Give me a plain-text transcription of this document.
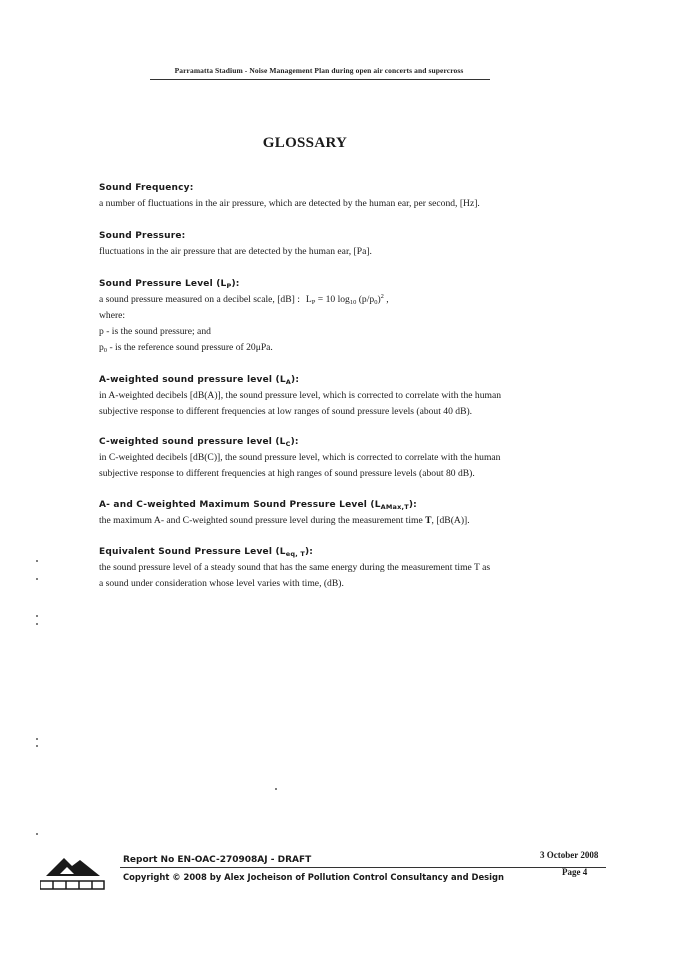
Parramatta Stadium - Noise Management Plan during open air concerts and supercross
GLOSSARY
Sound Frequency:
a number of fluctuations in the air pressure, which are detected by the human ear, per second, [Hz].
Sound Pressure:
fluctuations in the air pressure that are detected by the human ear, [Pa].
Sound Pressure Level $(L_P)$:
a sound pressure measured on a decibel scale, [dB] : $L_P = 10$ $\log_{10} (p/p_0)^2$ ,
where:
p - is the sound pressure; and
$p_0$ - is the reference sound pressure of 20μPa.
A-weighted sound pressure level $(L_A)$:
in A-weighted decibels [dB(A)], the sound pressure level, which is corrected to correlate with the human
subjective response to different frequencies at low ranges of sound pressure levels (about 40 dB).
C-weighted sound pressure level $(L_C)$:
in C-weighted decibels [dB(C)], the sound pressure level, which is corrected to correlate with the human
subjective response to different frequencies at high ranges of sound pressure levels (about 80 dB).
A- and C-weighted Maximum Sound Pressure Level $(L_{AMax,T})$:
the maximum A- and C-weighted sound pressure level during the measurement time T, [dB(A)].
Equivalent Sound Pressure Level $(L_{eq, T})$:
the sound pressure level of a steady sound that has the same energy during the measurement time T as
a sound under consideration whose level varies with time, (dB).
Report No EN-OAC-270908AJ - DRAFT	3 October 2008
Copyright © 2008 by Alex Jocheison of Pollution Control Consultancy and Design	Page 4
